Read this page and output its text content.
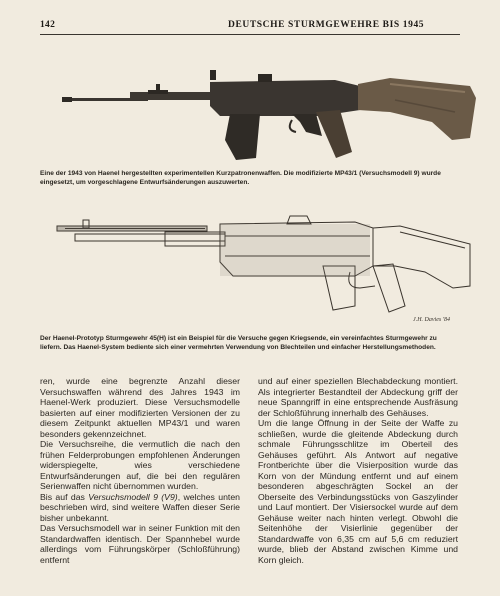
142	DEUTSCHE STURMGEWEHRE BIS 1945
Eine der 1943 von Haenel hergestellten experimentellen Kurzpatronenwaffen. Die modifizierte MP43/1 (Versuchsmodell 9) wurde eingesetzt, um vorgeschlagene Entwurfsänderungen auszuwerten.
J.H. Davies '84
Der Haenel-Prototyp Sturmgewehr 45(H) ist ein Beispiel für die Versuche gegen Kriegsende, ein vereinfachtes Sturmgewehr zu liefern. Das Haenel-System bediente sich einer vermehrten Verwendung von Blechteilen und einfacher Herstellungsmethoden.

ren, wurde eine begrenzte Anzahl dieser Versuchswaffen während des Jahres 1943 im Haenel-Werk produziert. Diese Versuchsmodelle basierten auf einer modifizierten Versionen der zu diesem Zeitpunkt aktuellen MP43/1 und waren besonders gekennzeichnet.

Die Versuchsreihe, die vermutlich die nach den frühen Felderprobungen empfohlenen Änderungen widerspiegelte, wies verschiedene Entwurfsänderungen auf, die bei den regulären Serienwaffen nicht übernommen wurden.

Bis auf das Versuchsmodell 9 (V9), welches unten beschrieben wird, sind weitere Waffen dieser Serie bisher unbekannt.

Das Versuchsmodell war in seiner Funktion mit den Standardwaffen identisch. Der Spannhebel wurde allerdings vom Führungskörper (Schloßführung) entfernt

und auf einer speziellen Blechabdeckung montiert. Als integrierter Bestandteil der Abdeckung griff der neue Spanngriff in eine entsprechende Ausfräsung der Schloßführung innerhalb des Gehäuses.

Um die lange Öffnung in der Seite der Waffe zu schließen, wurde die gleitende Abdeckung durch schmale Führungsschlitze im Oberteil des Gehäuses geführt. Als Antwort auf negative Frontberichte über die Visierposition wurde das Korn von der Mündung entfernt und auf einem besonderen abgeschrägten Sockel an der Oberseite des Verbindungsstücks von Gaszylinder und Lauf montiert. Der Visiersockel wurde auf dem Gehäuse weiter nach hinten verlegt. Obwohl die Seitenhöhe der Visierlinie gegenüber der Standardwaffe von 6,35 cm auf 5,6 cm reduziert wurde, blieb der Abstand zwischen Kimme und Korn gleich.
